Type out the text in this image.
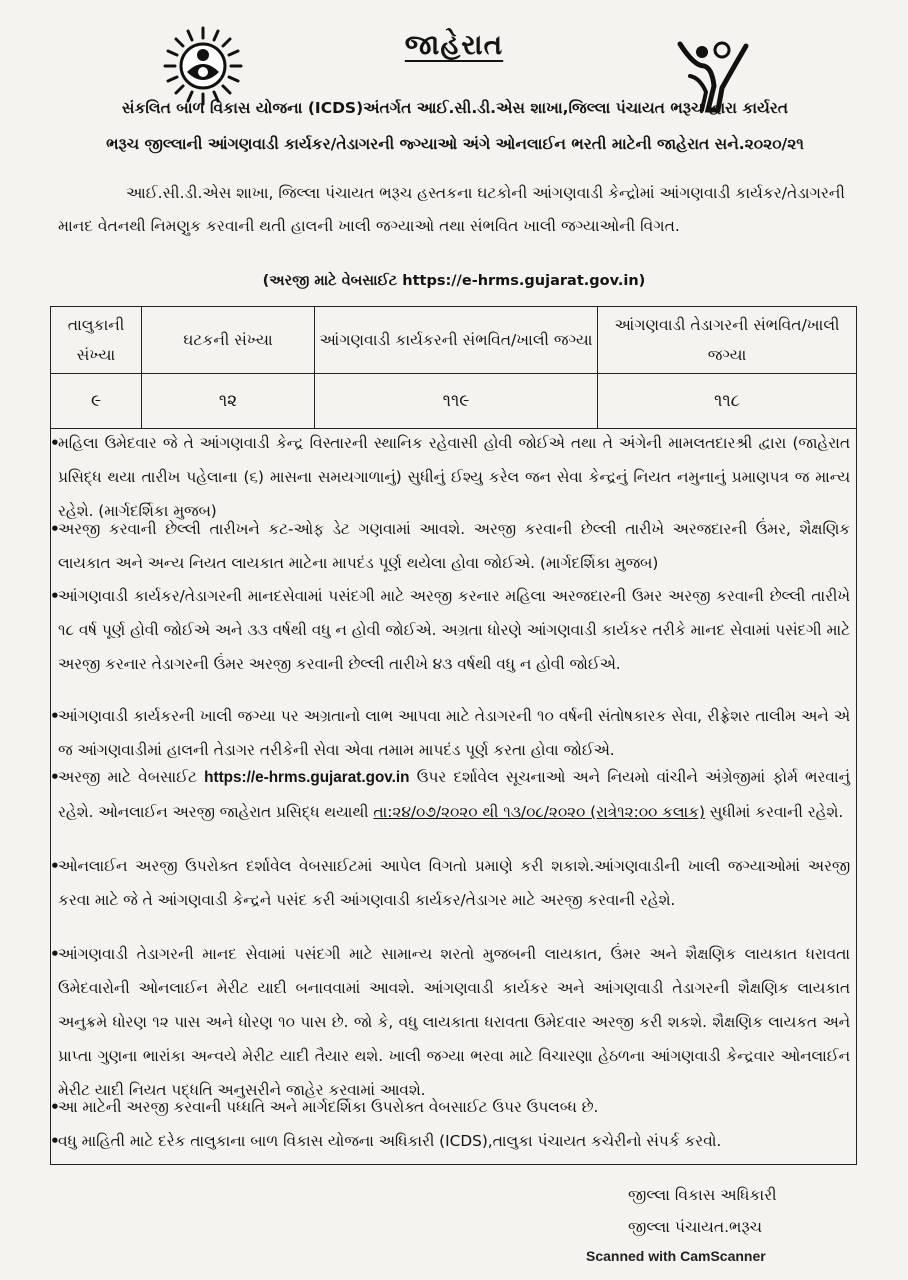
જાહેરાત
સંકલિત બાળ વિકાસ યોજના (ICDS)અંતર્ગત આઈ.સી.ડી.એસ શાખા,જિલ્લા પંચાયત ભરૂચ દ્વારા કાર્યરત
ભરૂચ જીલ્લાની આંગણવાડી કાર્યકર/તેડાગરની જ્ગ્યાઓ અંગે ઓનલાઈન ભરતી માટેની જાહેરાત સને.૨૦૨૦/૨૧
આઈ.સી.ડી.એસ શાખા, જિલ્લા પંચાયત ભરૂચ હસ્તકના ઘટકોની આંગણવાડી કેન્દ્રોમાં આંગણવાડી કાર્યકર/તેડાગરની માનદ વેતનથી નિમણુક કરવાની થતી હાલની ખાલી જગ્યાઓ તથા સંભવિત ખાલી જગ્યાઓની વિગત.
(અરજી માટે વેબસાઈટ https://e-hrms.gujarat.gov.in)
તાલુકાની સંખ્યા	ઘટકની સંખ્યા	આંગણવાડી કાર્યકરની સંભવિત/ખાલી જગ્યા	આંગણવાડી તેડાગરની સંભવિત/ખાલી જગ્યા
૯	૧૨	૧૧૯	૧૧૮
• મહિલા ઉમેદવાર જે તે આંગણવાડી કેન્દ્ર વિસ્તારની સ્થાનિક રહેવાસી હોવી જોઈએ તથા તે અંગેની મામલતદારશ્રી દ્વારા (જાહેરાત પ્રસિદ્ધ થયા તારીખ પહેલાના (૬) માસના સમયગાળાનું) સુધીનું ઈશ્યુ કરેલ જન સેવા કેન્દ્રનું નિયત નમુનાનું પ્રમાણપત્ર જ માન્ય રહેશે. (માર્ગદર્શિકા મુજબ)
• અરજી કરવાની છેલ્લી તારીખને કટ-ઓફ ડેટ ગણવામાં આવશે. અરજી કરવાની છેલ્લી તારીખે અરજદારની ઉંમર, શૈક્ષણિક લાયકાત અને અન્ય નિયત લાયકાત માટેના માપદંડ પૂર્ણ થયેલા હોવા જોઈએ. (માર્ગદર્શિકા મુજબ)
• આંગણવાડી કાર્યકર/તેડાગરની માનદસેવામાં પસંદગી માટે અરજી કરનાર મહિલા અરજદારની ઉમર અરજી કરવાની છેલ્લી તારીખે ૧૮ વર્ષ પૂર્ણ હોવી જોઈએ અને ૩૩ વર્ષથી વધુ ન હોવી જોઈએ. અગ્રતા ધોરણે આંગણવાડી કાર્યકર તરીકે માનદ સેવામાં પસંદગી માટે અરજી કરનાર તેડાગરની ઉંમર અરજી કરવાની છેલ્લી તારીખે ૪૩ વર્ષથી વધુ ન હોવી જોઈએ.
• આંગણવાડી કાર્યકરની ખાલી જગ્યા પર અગ્રતાનો લાભ આપવા માટે તેડાગરની ૧૦ વર્ષની સંતોષકારક સેવા, રીફ્રેશર તાલીમ અને એ જ આંગણવાડીમાં હાલની તેડાગર તરીકેની સેવા એવા તમામ માપદંડ પૂર્ણ કરતા હોવા જોઈએ.
• અરજી માટે વેબસાઈટ https://e-hrms.gujarat.gov.in ઉપર દર્શાવેલ સૂચનાઓ અને નિયમો વાંચીને અંગ્રેજીમાં ફોર્મ ભરવાનું રહેશે. ઓનલાઈન અરજી જાહેરાત પ્રસિદ્ધ થયાથી તા:૨૪/૦૭/૨૦૨૦ થી ૧૩/૦૮/૨૦૨૦ (રાત્રે૧૨:૦૦ કલાક) સુધીમાં કરવાની રહેશે.
• ઓનલાઈન અરજી ઉપરોક્ત દર્શાવેલ વેબસાઈટમાં આપેલ વિગતો પ્રમાણે કરી શકાશે.આંગણવાડીની ખાલી જગ્યાઓમાં અરજી કરવા માટે જે તે આંગણવાડી કેન્દ્રને પસંદ કરી આંગણવાડી કાર્યકર/તેડાગર માટે અરજી કરવાની રહેશે.
• આંગણવાડી તેડાગરની માનદ સેવામાં પસંદગી માટે સામાન્ય શરતો મુજબની લાયકાત, ઉંમર અને શૈક્ષણિક લાયકાત ધરાવતા ઉમેદવારોની ઓનલાઈન મેરીટ યાદી બનાવવામાં આવશે. આંગણવાડી કાર્યકર અને આંગણવાડી તેડાગરની શૈક્ષણિક લાયકાત અનુક્રમે ધોરણ ૧૨ પાસ અને ધોરણ ૧૦ પાસ છે. જો કે, વધુ લાયકાતા ધરાવતા ઉમેદવાર અરજી કરી શકશે. શૈક્ષણિક લાયકત અને પ્રાપ્તા ગુણના ભારાંકા અન્વયે મેરીટ યાદી તૈયાર થશે. ખાલી જગ્યા ભરવા માટે વિચારણા હેઠળના આંગણવાડી કેન્દ્રવાર ઓનલાઈન મેરીટ યાદી નિયત પદ્ધતિ અનુસરીને જાહેર કરવામાં આવશે.
• આ માટેની અરજી કરવાની પધ્ધતિ અને માર્ગદર્શિકા ઉપરોક્ત વેબસાઈટ ઉપર ઉપલબ્ધ છે.
• વધુ માહિતી માટે દરેક તાલુકાના બાળ વિકાસ યોજના અધિકારી (ICDS),તાલુકા પંચાયત કચેરીનો સંપર્ક કરવો.
જીલ્લા વિકાસ અધિકારી
જીલ્લા પંચાયત.ભરૂચ
Scanned with CamScanner
